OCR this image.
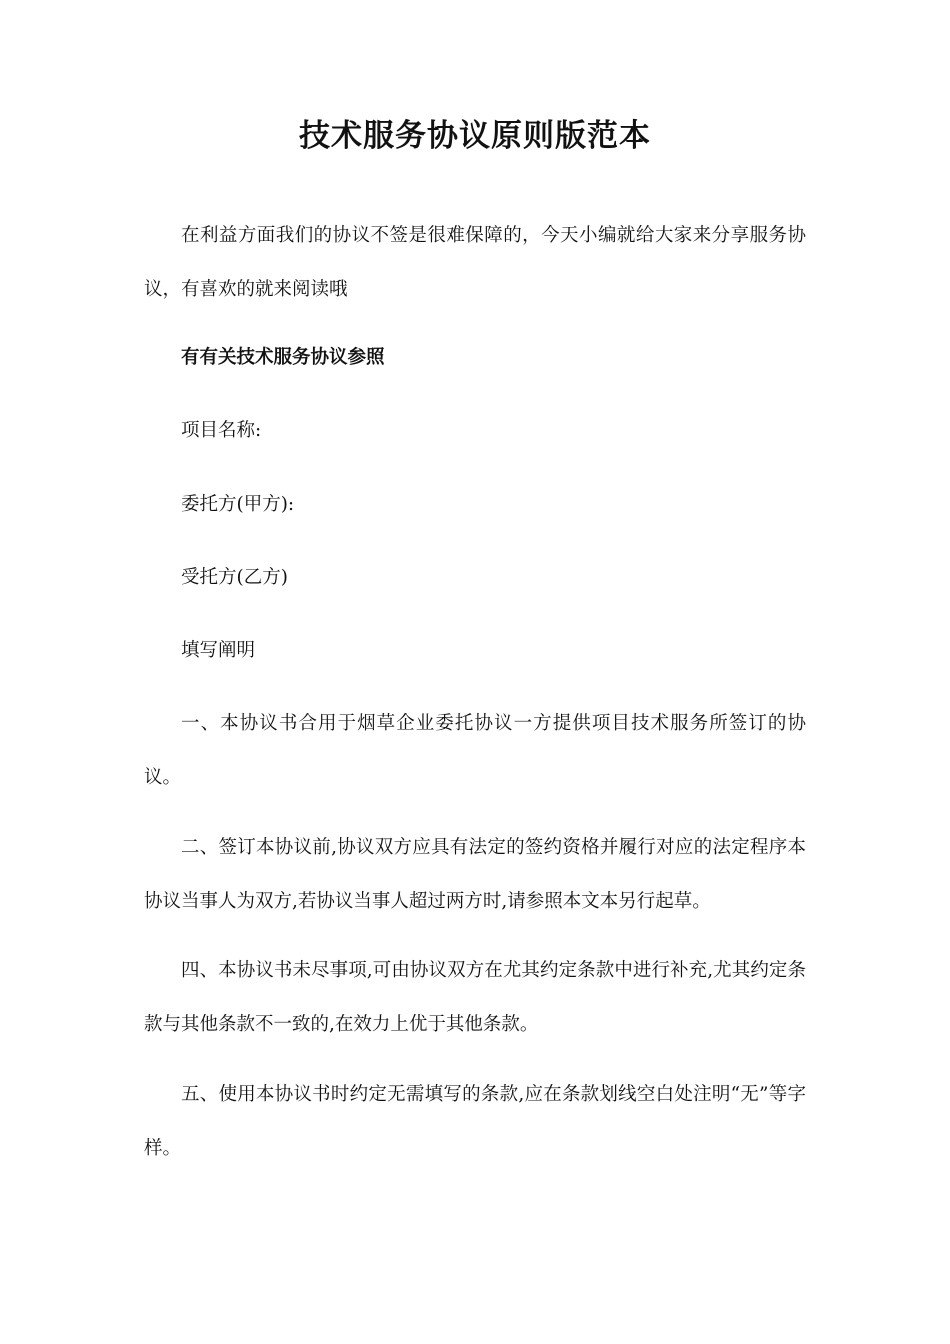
技术服务协议原则版范本

在利益方面我们的协议不签是很难保障的，今天小编就给大家来分享服务协议，有喜欢的就来阅读哦

有有关技术服务协议参照

项目名称:

委托方(甲方):

受托方(乙方)

填写阐明

一、本协议书合用于烟草企业委托协议一方提供项目技术服务所签订的协议。

二、签订本协议前,协议双方应具有法定的签约资格并履行对应的法定程序本协议当事人为双方,若协议当事人超过两方时,请参照本文本另行起草。

四、本协议书未尽事项,可由协议双方在尤其约定条款中进行补充,尤其约定条款与其他条款不一致的,在效力上优于其他条款。

五、使用本协议书时约定无需填写的条款,应在条款划线空白处注明“无”等字样。
